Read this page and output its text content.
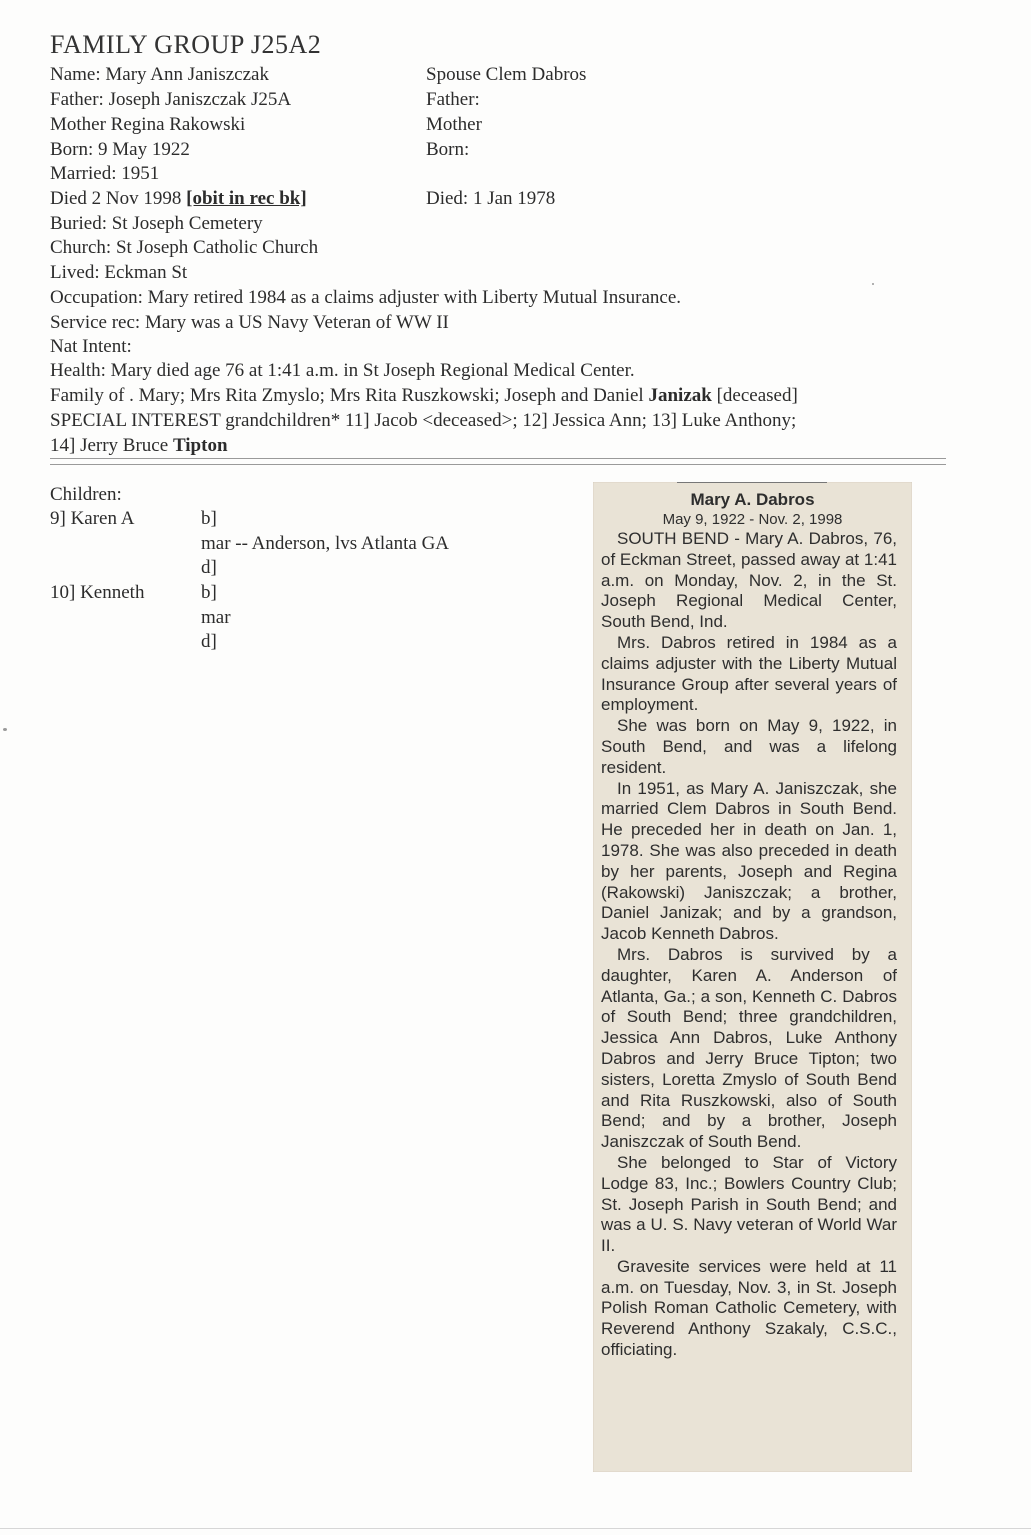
FAMILY GROUP J25A2
Name: Mary Ann Janiszczak
Father: Joseph Janiszczak J25A
Mother Regina Rakowski
Born: 9 May 1922
Married: 1951
Died 2 Nov 1998 [obit in rec bk]
Buried: St Joseph Cemetery
Church: St Joseph Catholic Church
Lived: Eckman St
Occupation: Mary retired 1984 as a claims adjuster with Liberty Mutual Insurance.
Service rec: Mary was a US Navy Veteran of WW II
Nat Intent:
Health: Mary died age 76 at 1:41 a.m. in St Joseph Regional Medical Center.
Family of . Mary; Mrs Rita Zmyslo; Mrs Rita Ruszkowski; Joseph and Daniel Janizak [deceased]
SPECIAL INTEREST grandchildren* 11] Jacob <deceased>; 12] Jessica Ann; 13] Luke Anthony;
14] Jerry Bruce Tipton
Spouse Clem Dabros
Father:
Mother
Born:
Died: 1 Jan 1978
Children:
9] Karen A	b]
mar -- Anderson, lvs Atlanta GA
d]
10] Kenneth	b]
mar
d]
Mary A. Dabros
May 9, 1922 - Nov. 2, 1998

SOUTH BEND - Mary A. Dabros, 76, of Eckman Street, passed away at 1:41 a.m. on Monday, Nov. 2, in the St. Joseph Regional Medical Center, South Bend, Ind.

Mrs. Dabros retired in 1984 as a claims adjuster with the Liberty Mutual Insurance Group after several years of employment.

She was born on May 9, 1922, in South Bend, and was a lifelong resident.

In 1951, as Mary A. Janiszczak, she married Clem Dabros in South Bend. He preceded her in death on Jan. 1, 1978. She was also preceded in death by her parents, Joseph and Regina (Rakowski) Janiszczak; a brother, Daniel Janizak; and by a grandson, Jacob Kenneth Dabros.

Mrs. Dabros is survived by a daughter, Karen A. Anderson of Atlanta, Ga.; a son, Kenneth C. Dabros of South Bend; three grandchildren, Jessica Ann Dabros, Luke Anthony Dabros and Jerry Bruce Tipton; two sisters, Loretta Zmyslo of South Bend and Rita Ruszkowski, also of South Bend; and by a brother, Joseph Janiszczak of South Bend.

She belonged to Star of Victory Lodge 83, Inc.; Bowlers Country Club; St. Joseph Parish in South Bend; and was a U. S. Navy veteran of World War II.

Gravesite services were held at 11 a.m. on Tuesday, Nov. 3, in St. Joseph Polish Roman Catholic Cemetery, with Reverend Anthony Szakaly, C.S.C., officiating.
